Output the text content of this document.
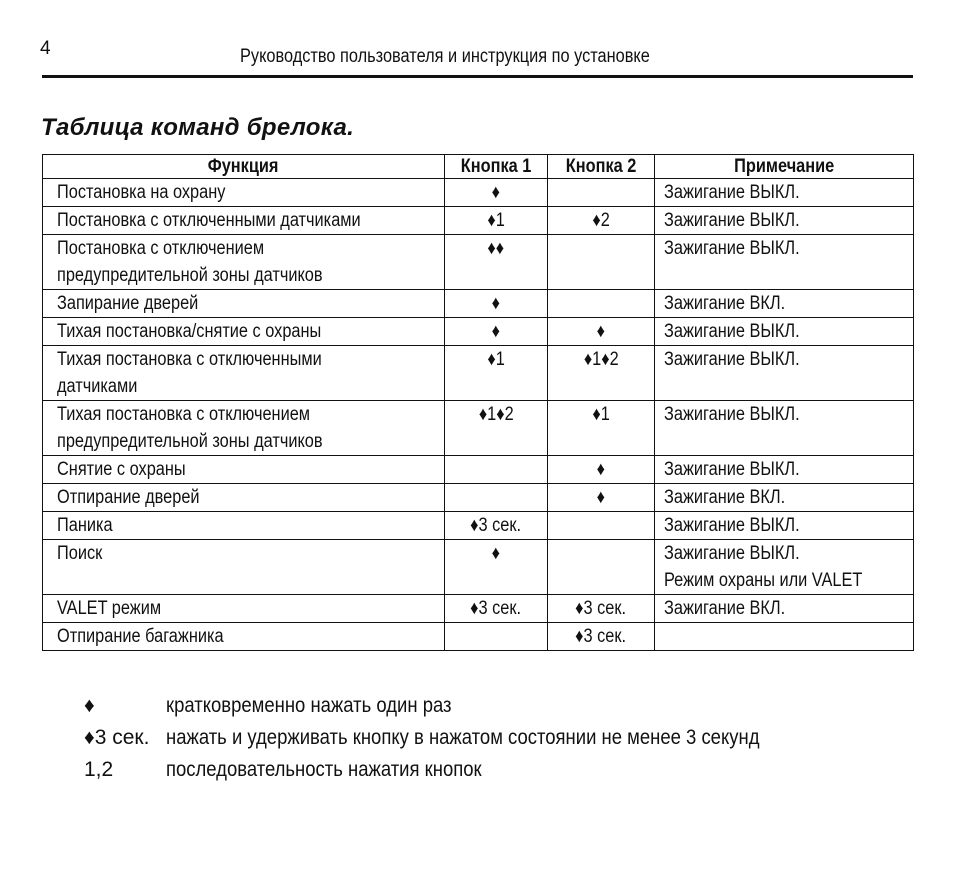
4	Руководство пользователя и инструкция по установке
Таблица команд брелока.
Функция	Кнопка 1	Кнопка 2	Примечание
Постановка на охрану	♦		Зажигание ВЫКЛ.
Постановка с отключенными датчиками	♦1	♦2	Зажигание ВЫКЛ.
Постановка с отключением
предупредительной зоны датчиков	♦♦		Зажигание ВЫКЛ.
Запирание дверей	♦		Зажигание ВКЛ.
Тихая постановка/снятие с охраны	♦	♦	Зажигание ВЫКЛ.
Тихая постановка с отключенными
датчиками	♦1	♦1♦2	Зажигание ВЫКЛ.
Тихая постановка с отключением
предупредительной зоны датчиков	♦1♦2	♦1	Зажигание ВЫКЛ.
Снятие с охраны		♦	Зажигание ВЫКЛ.
Отпирание дверей		♦	Зажигание ВКЛ.
Паника	♦3 сек.		Зажигание ВЫКЛ.
Поиск	♦		Зажигание ВЫКЛ.
Режим охраны или VALET
VALET режим	♦3 сек.	♦3 сек.	Зажигание ВКЛ.
Отпирание багажника		♦3 сек.	
♦	кратковременно нажать один раз
♦3 сек. нажать и удерживать кнопку в нажатом состоянии не менее 3 секунд
1,2	последовательность нажатия кнопок
